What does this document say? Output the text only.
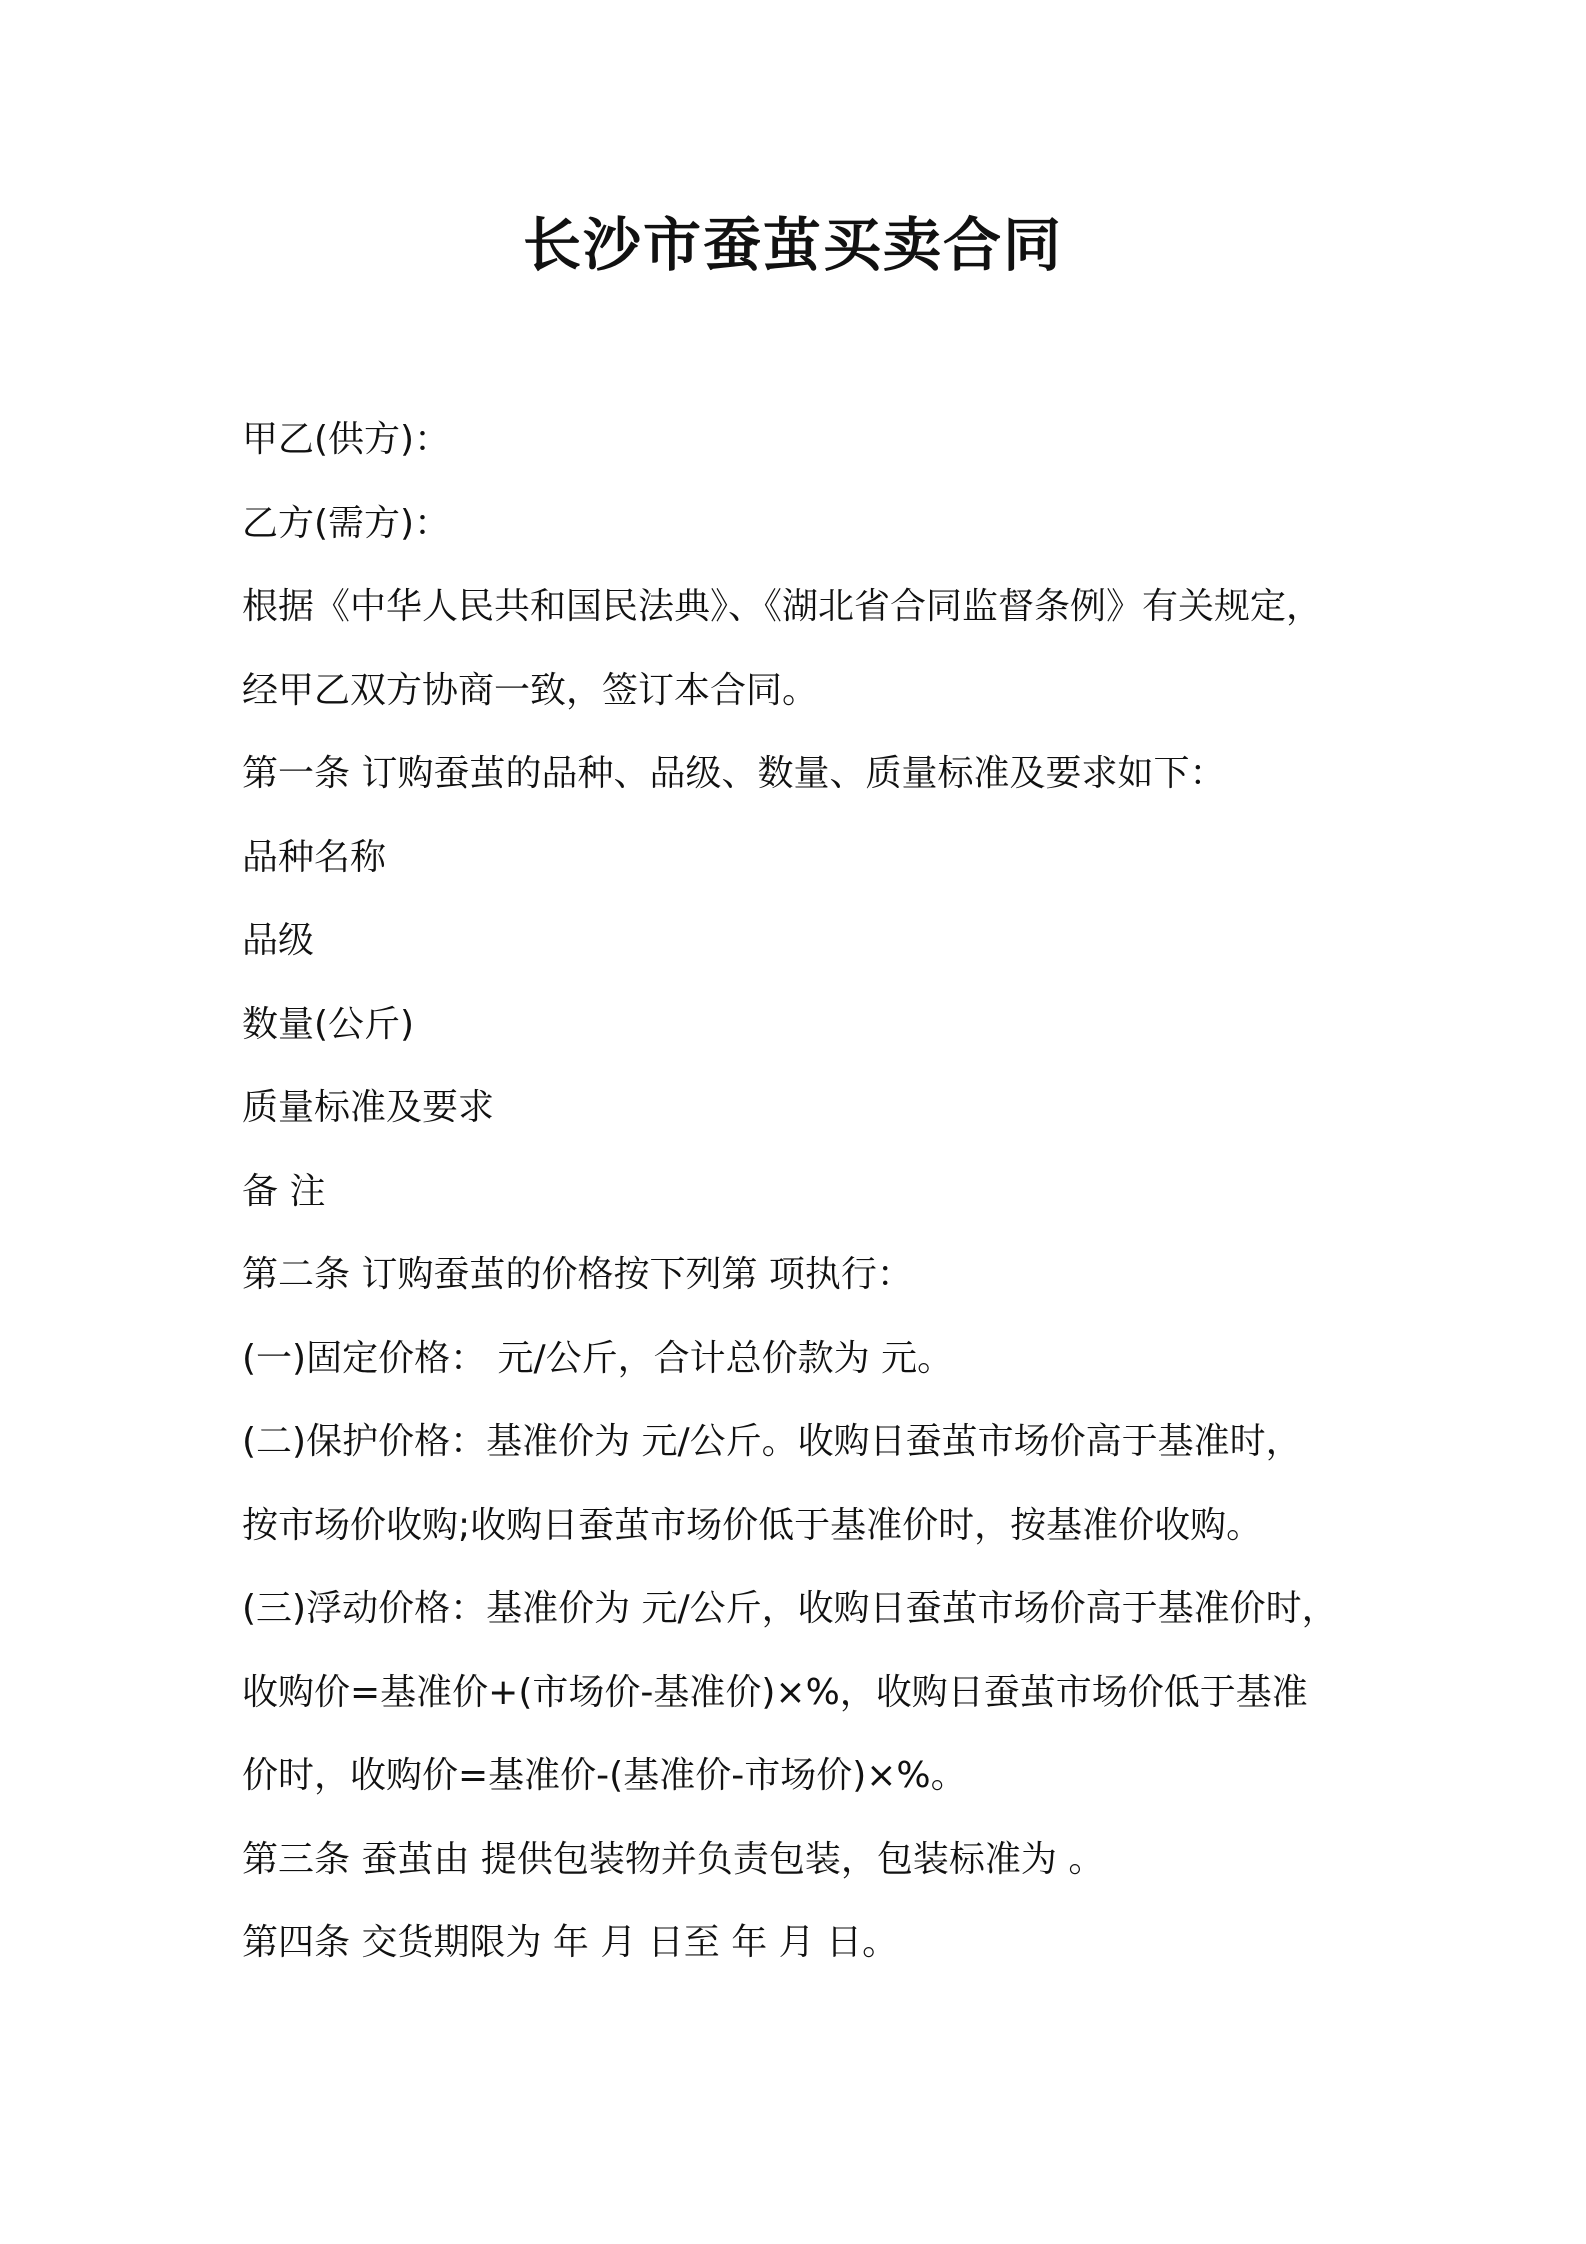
长沙市蚕茧买卖合同
甲乙(供方)：
乙方(需方)：
根据《中华人民共和国民法典》、《湖北省合同监督条例》有关规定，
经甲乙双方协商一致，签订本合同。
第一条 订购蚕茧的品种、品级、数量、质量标准及要求如下：
品种名称
品级
数量(公斤)
质量标准及要求
备 注
第二条 订购蚕茧的价格按下列第 项执行：
(一)固定价格： 元/公斤，合计总价款为 元。
(二)保护价格：基准价为 元/公斤。收购日蚕茧市场价高于基准时，
按市场价收购;收购日蚕茧市场价低于基准价时，按基准价收购。
(三)浮动价格：基准价为 元/公斤，收购日蚕茧市场价高于基准价时，
收购价=基准价+(市场价-基准价)×%，收购日蚕茧市场价低于基准
价时，收购价=基准价-(基准价-市场价)×%。
第三条 蚕茧由 提供包装物并负责包装，包装标准为 。
第四条 交货期限为 年 月 日至 年 月 日。
